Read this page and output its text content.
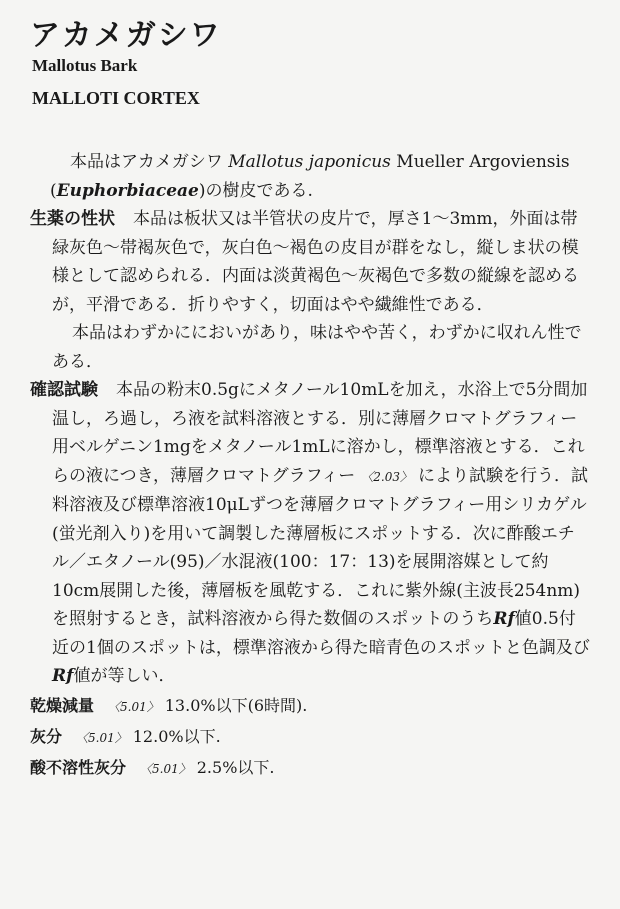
アカメガシワ
Mallotus Bark
MALLOTI CORTEX

本品はアカメガシワ Mallotus japonicus Mueller Argoviensis (Euphorbiaceae)の樹皮である.

生薬の性状 本品は板状又は半管状の皮片で，厚さ1〜3mm，外面は帯緑灰色〜帯褐灰色で，灰白色〜褐色の皮目が群をなし，縦しま状の模様として認められる．内面は淡黄褐色〜灰褐色で多数の縦線を認めるが，平滑である．折りやすく，切面はやや繊維性である．

本品はわずかににおいがあり，味はやや苦く，わずかに収れん性である．

確認試験 本品の粉末0.5gにメタノール10mLを加え，水浴上で5分間加温し，ろ過し，ろ液を試料溶液とする．別に薄層クロマトグラフィー用ベルゲニン1mgをメタノール1mLに溶かし，標準溶液とする．これらの液につき，薄層クロマトグラフィー 〈2.03〉 により試験を行う．試料溶液及び標準溶液10μLずつを薄層クロマトグラフィー用シリカゲル(蛍光剤入り)を用いて調製した薄層板にスポットする．次に酢酸エチル／エタノール(95)／水混液(100：17：13)を展開溶媒として約10cm展開した後，薄層板を風乾する．これに紫外線(主波長254nm)を照射するとき，試料溶液から得た数個のスポットのうちRf値0.5付近の1個のスポットは，標準溶液から得た暗青色のスポットと色調及びRf値が等しい．

乾燥減量 〈5.01〉 13.0%以下(6時間).

灰分 〈5.01〉 12.0%以下.

酸不溶性灰分 〈5.01〉 2.5%以下.
